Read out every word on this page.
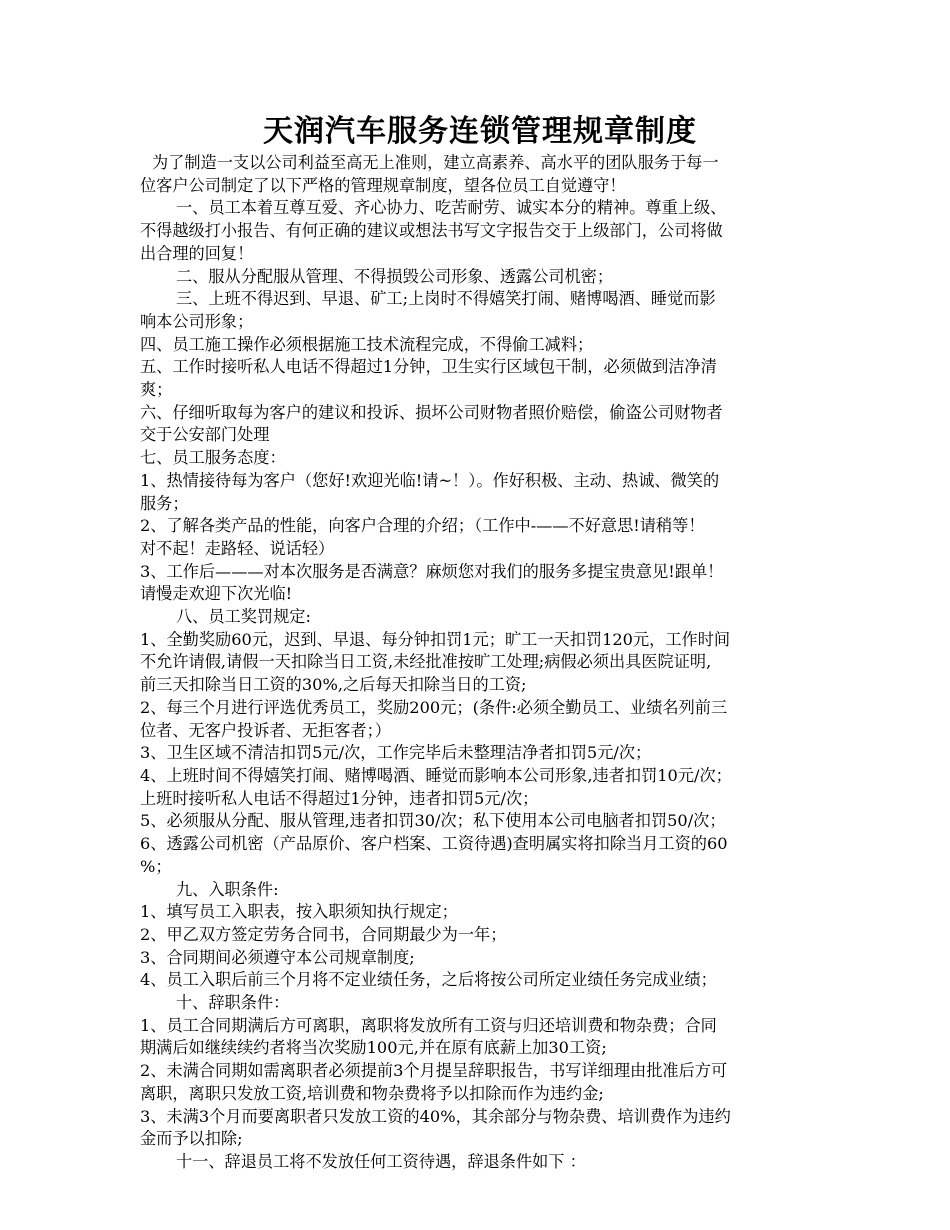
天润汽车服务连锁管理规章制度
为了制造一支以公司利益至高无上准则，建立高素养、高水平的团队服务于每一
位客户公司制定了以下严格的管理规章制度，望各位员工自觉遵守！
一、员工本着互尊互爱、齐心协力、吃苦耐劳、诚实本分的精神。尊重上级、
不得越级打小报告、有何正确的建议或想法书写文字报告交于上级部门，公司将做
出合理的回复！
二、服从分配服从管理、不得损毁公司形象、透露公司机密；
三、上班不得迟到、早退、矿工;上岗时不得嬉笑打闹、赌博喝酒、睡觉而影
响本公司形象；
四、员工施工操作必须根据施工技术流程完成，不得偷工减料；
五、工作时接听私人电话不得超过1分钟，卫生实行区域包干制，必须做到洁净清
爽；
六、仔细听取每为客户的建议和投诉、损坏公司财物者照价赔偿，偷盗公司财物者
交于公安部门处理
七、员工服务态度：
1、热情接待每为客户（您好!欢迎光临!请~！）。作好积极、主动、热诚、微笑的
服务；
2、了解各类产品的性能，向客户合理的介绍；（工作中-——不好意思!请稍等！
对不起！走路轻、说话轻）
3、工作后———对本次服务是否满意？麻烦您对我们的服务多提宝贵意见!跟单！
请慢走欢迎下次光临!
八、员工奖罚规定:
1、全勤奖励60元，迟到、早退、每分钟扣罚1元；旷工一天扣罚120元，工作时间
不允许请假,请假一天扣除当日工资,未经批准按旷工处理;病假必须出具医院证明,
前三天扣除当日工资的30%,之后每天扣除当日的工资;
2、每三个月进行评选优秀员工，奖励200元；(条件:必须全勤员工、业绩名列前三
位者、无客户投诉者、无拒客者；）
3、卫生区域不清洁扣罚5元/次，工作完毕后未整理洁净者扣罚5元/次；
4、上班时间不得嬉笑打闹、赌博喝酒、睡觉而影响本公司形象,违者扣罚10元/次；
上班时接听私人电话不得超过1分钟，违者扣罚5元/次；
5、必须服从分配、服从管理,违者扣罚30/次；私下使用本公司电脑者扣罚50/次；
6、透露公司机密（产品原价、客户档案、工资待遇)查明属实将扣除当月工资的60
%；
九、入职条件:
1、填写员工入职表，按入职须知执行规定；
2、甲乙双方签定劳务合同书，合同期最少为一年；
3、合同期间必须遵守本公司规章制度;
4、员工入职后前三个月将不定业绩任务，之后将按公司所定业绩任务完成业绩；
十、辞职条件：
1、员工合同期满后方可离职，离职将发放所有工资与归还培训费和物杂费；合同
期满后如继续续约者将当次奖励100元,并在原有底薪上加30工资;
2、未满合同期如需离职者必须提前3个月提呈辞职报告，书写详细理由批准后方可
离职，离职只发放工资,培训费和物杂费将予以扣除而作为违约金;
3、未满3个月而要离职者只发放工资的40%，其余部分与物杂费、培训费作为违约
金而予以扣除;
十一、辞退员工将不发放任何工资待遇，辞退条件如下 ：
